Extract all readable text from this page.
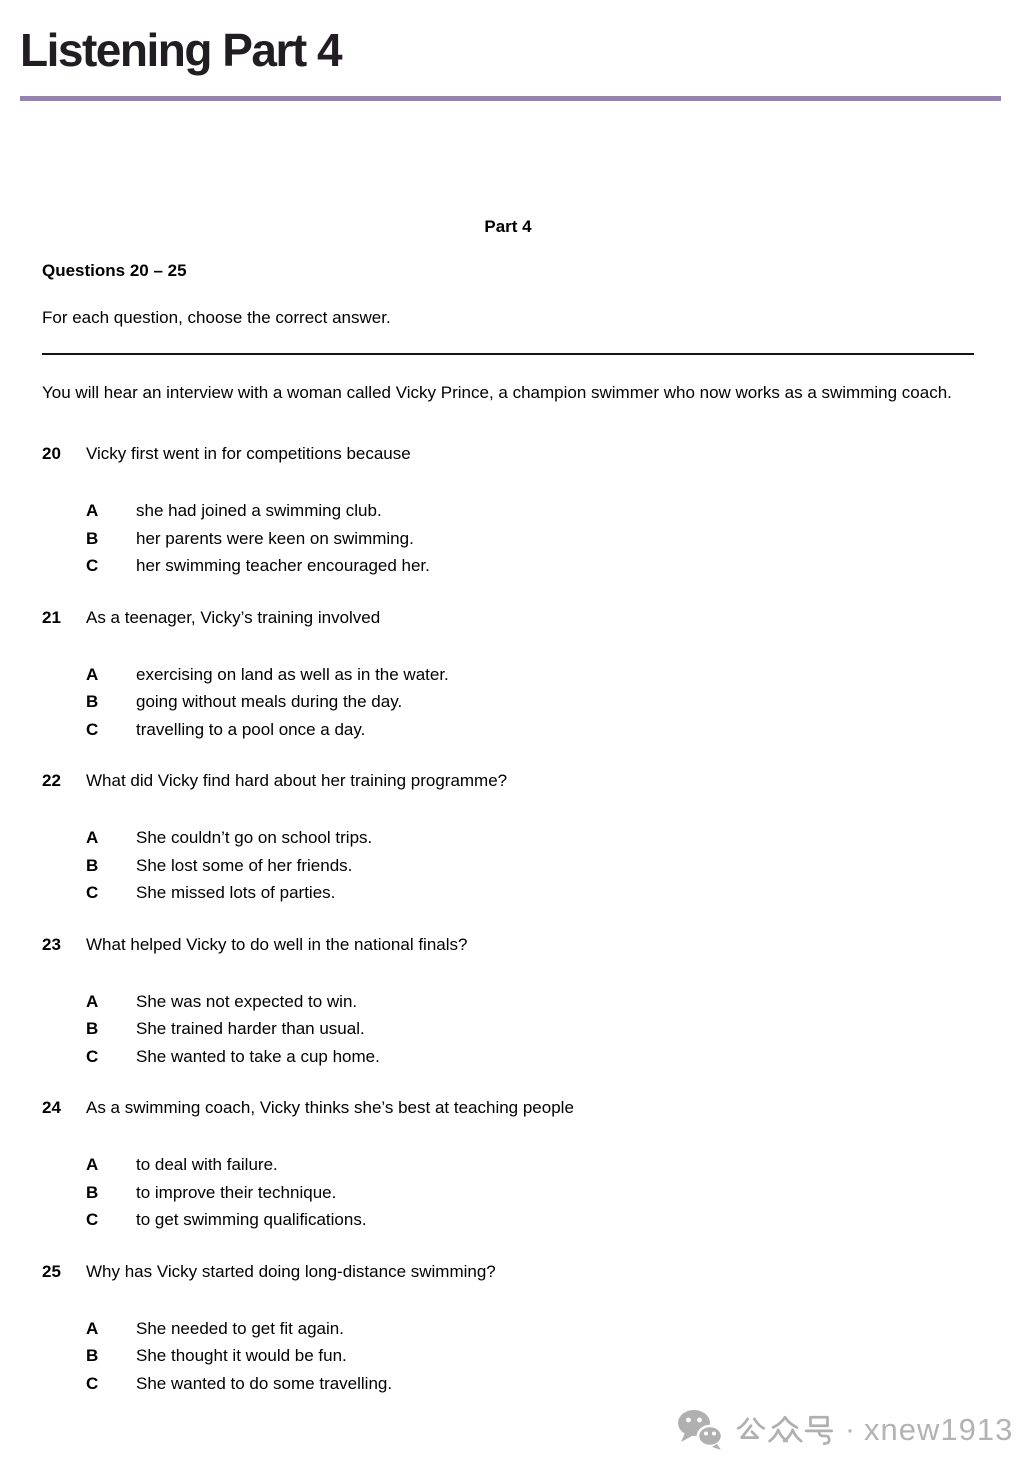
Listening Part 4
Part 4
Questions 20 – 25
For each question, choose the correct answer.

You will hear an interview with a woman called Vicky Prince, a champion swimmer who now works as a swimming coach.

20	Vicky first went in for competitions because
A	she had joined a swimming club.
B	her parents were keen on swimming.
C	her swimming teacher encouraged her.
21	As a teenager, Vicky’s training involved
A	exercising on land as well as in the water.
B	going without meals during the day.
C	travelling to a pool once a day.
22	What did Vicky find hard about her training programme?
A	She couldn’t go on school trips.
B	She lost some of her friends.
C	She missed lots of parties.
23	What helped Vicky to do well in the national finals?
A	She was not expected to win.
B	She trained harder than usual.
C	She wanted to take a cup home.
24	As a swimming coach, Vicky thinks she’s best at teaching people
A	to deal with failure.
B	to improve their technique.
C	to get swimming qualifications.
25	Why has Vicky started doing long-distance swimming?
A	She needed to get fit again.
B	She thought it would be fun.
C	She wanted to do some travelling.
· xnew1913
